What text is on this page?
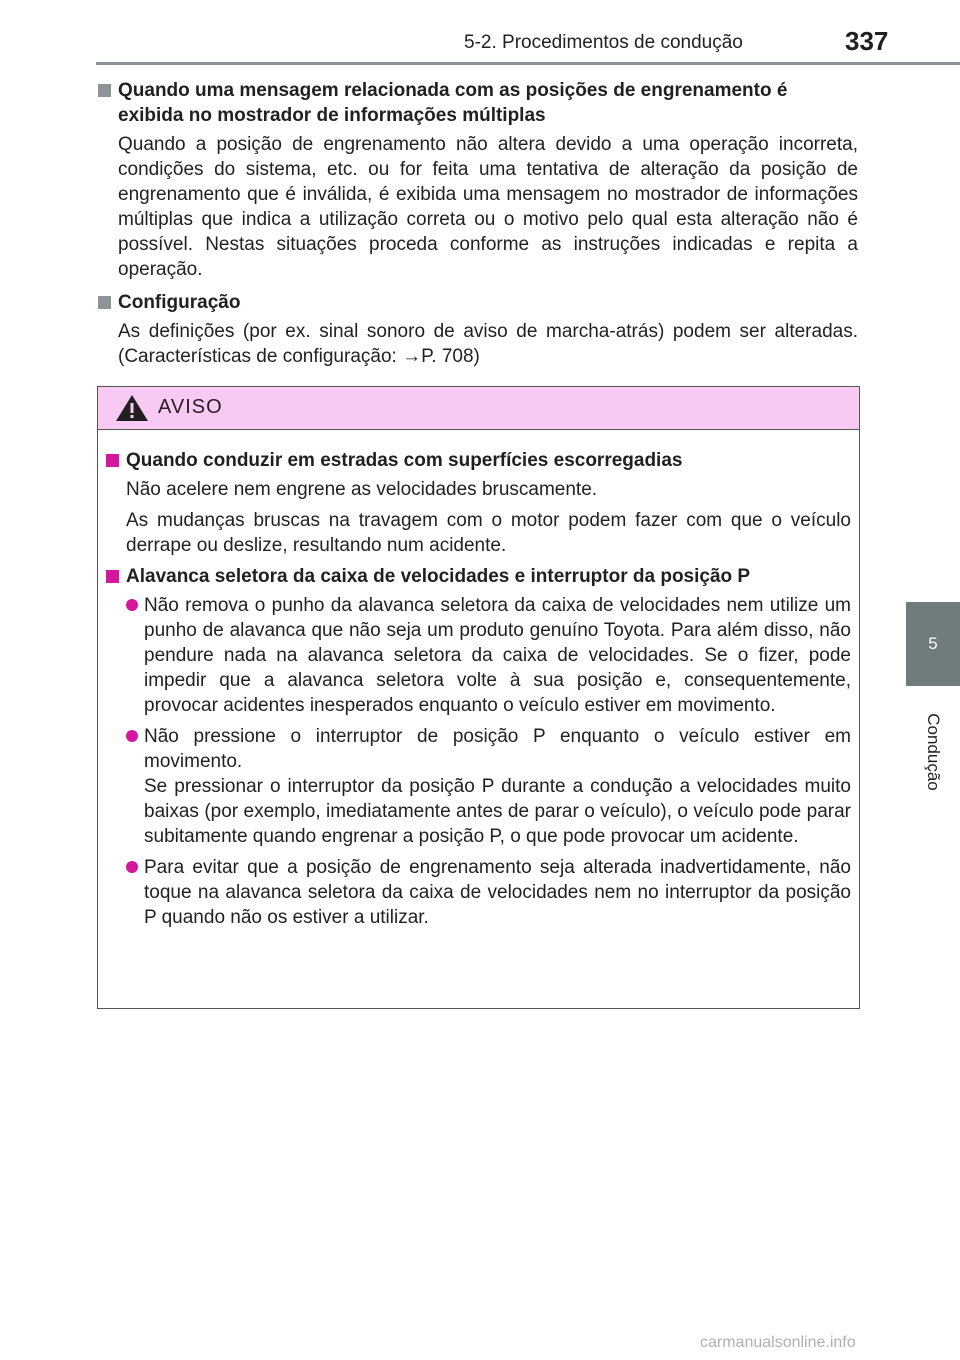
5-2. Procedimentos de condução	337
5
Condução
Quando uma mensagem relacionada com as posições de engrenamento é exibida no mostrador de informações múltiplas
Quando a posição de engrenamento não altera devido a uma operação incorreta, condições do sistema, etc. ou for feita uma tentativa de alteração da posição de engrenamento que é inválida, é exibida uma mensagem no mostrador de informações múltiplas que indica a utilização correta ou o motivo pelo qual esta alteração não é possível. Nestas situações proceda conforme as instruções indicadas e repita a operação.
Configuração
As definições (por ex. sinal sonoro de aviso de marcha-atrás) podem ser alteradas. (Características de configuração: →P. 708)
AVISO
Quando conduzir em estradas com superfícies escorregadias
Não acelere nem engrene as velocidades bruscamente.
As mudanças bruscas na travagem com o motor podem fazer com que o veículo derrape ou deslize, resultando num acidente.
Alavanca seletora da caixa de velocidades e interruptor da posição P
Não remova o punho da alavanca seletora da caixa de velocidades nem utilize um punho de alavanca que não seja um produto genuíno Toyota. Para além disso, não pendure nada na alavanca seletora da caixa de velocidades. Se o fizer, pode impedir que a alavanca seletora volte à sua posição e, consequentemente, provocar acidentes inesperados enquanto o veículo estiver em movimento.
Não pressione o interruptor de posição P enquanto o veículo estiver em movimento.
Se pressionar o interruptor da posição P durante a condução a velocidades muito baixas (por exemplo, imediatamente antes de parar o veículo), o veículo pode parar subitamente quando engrenar a posição P, o que pode provocar um acidente.
Para evitar que a posição de engrenamento seja alterada inadvertidamente, não toque na alavanca seletora da caixa de velocidades nem no interruptor da posição P quando não os estiver a utilizar.
carmanualsonline.info
